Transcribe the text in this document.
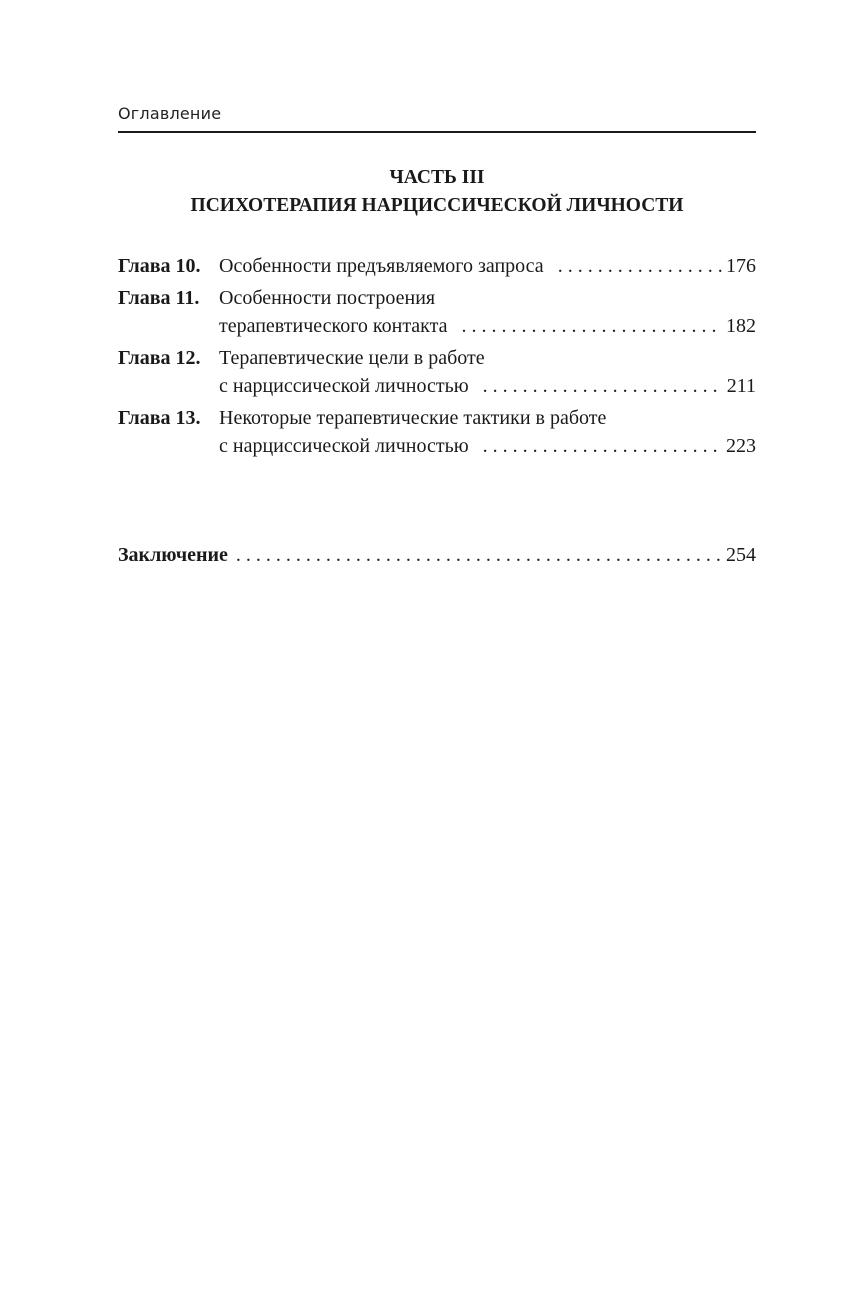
Оглавление
ЧАСТЬ III
ПСИХОТЕРАПИЯ НАРЦИССИЧЕСКОЙ ЛИЧНОСТИ
Глава 10. Особенности предъявляемого запроса . . .	176
Глава 11. Особенности построения
терапевтического контакта . . .	182
Глава 12. Терапевтические цели в работе
с нарциссической личностью . . .	211
Глава 13. Некоторые терапевтические тактики в работе
с нарциссической личностью . . .	223
Заключение . . .	254
